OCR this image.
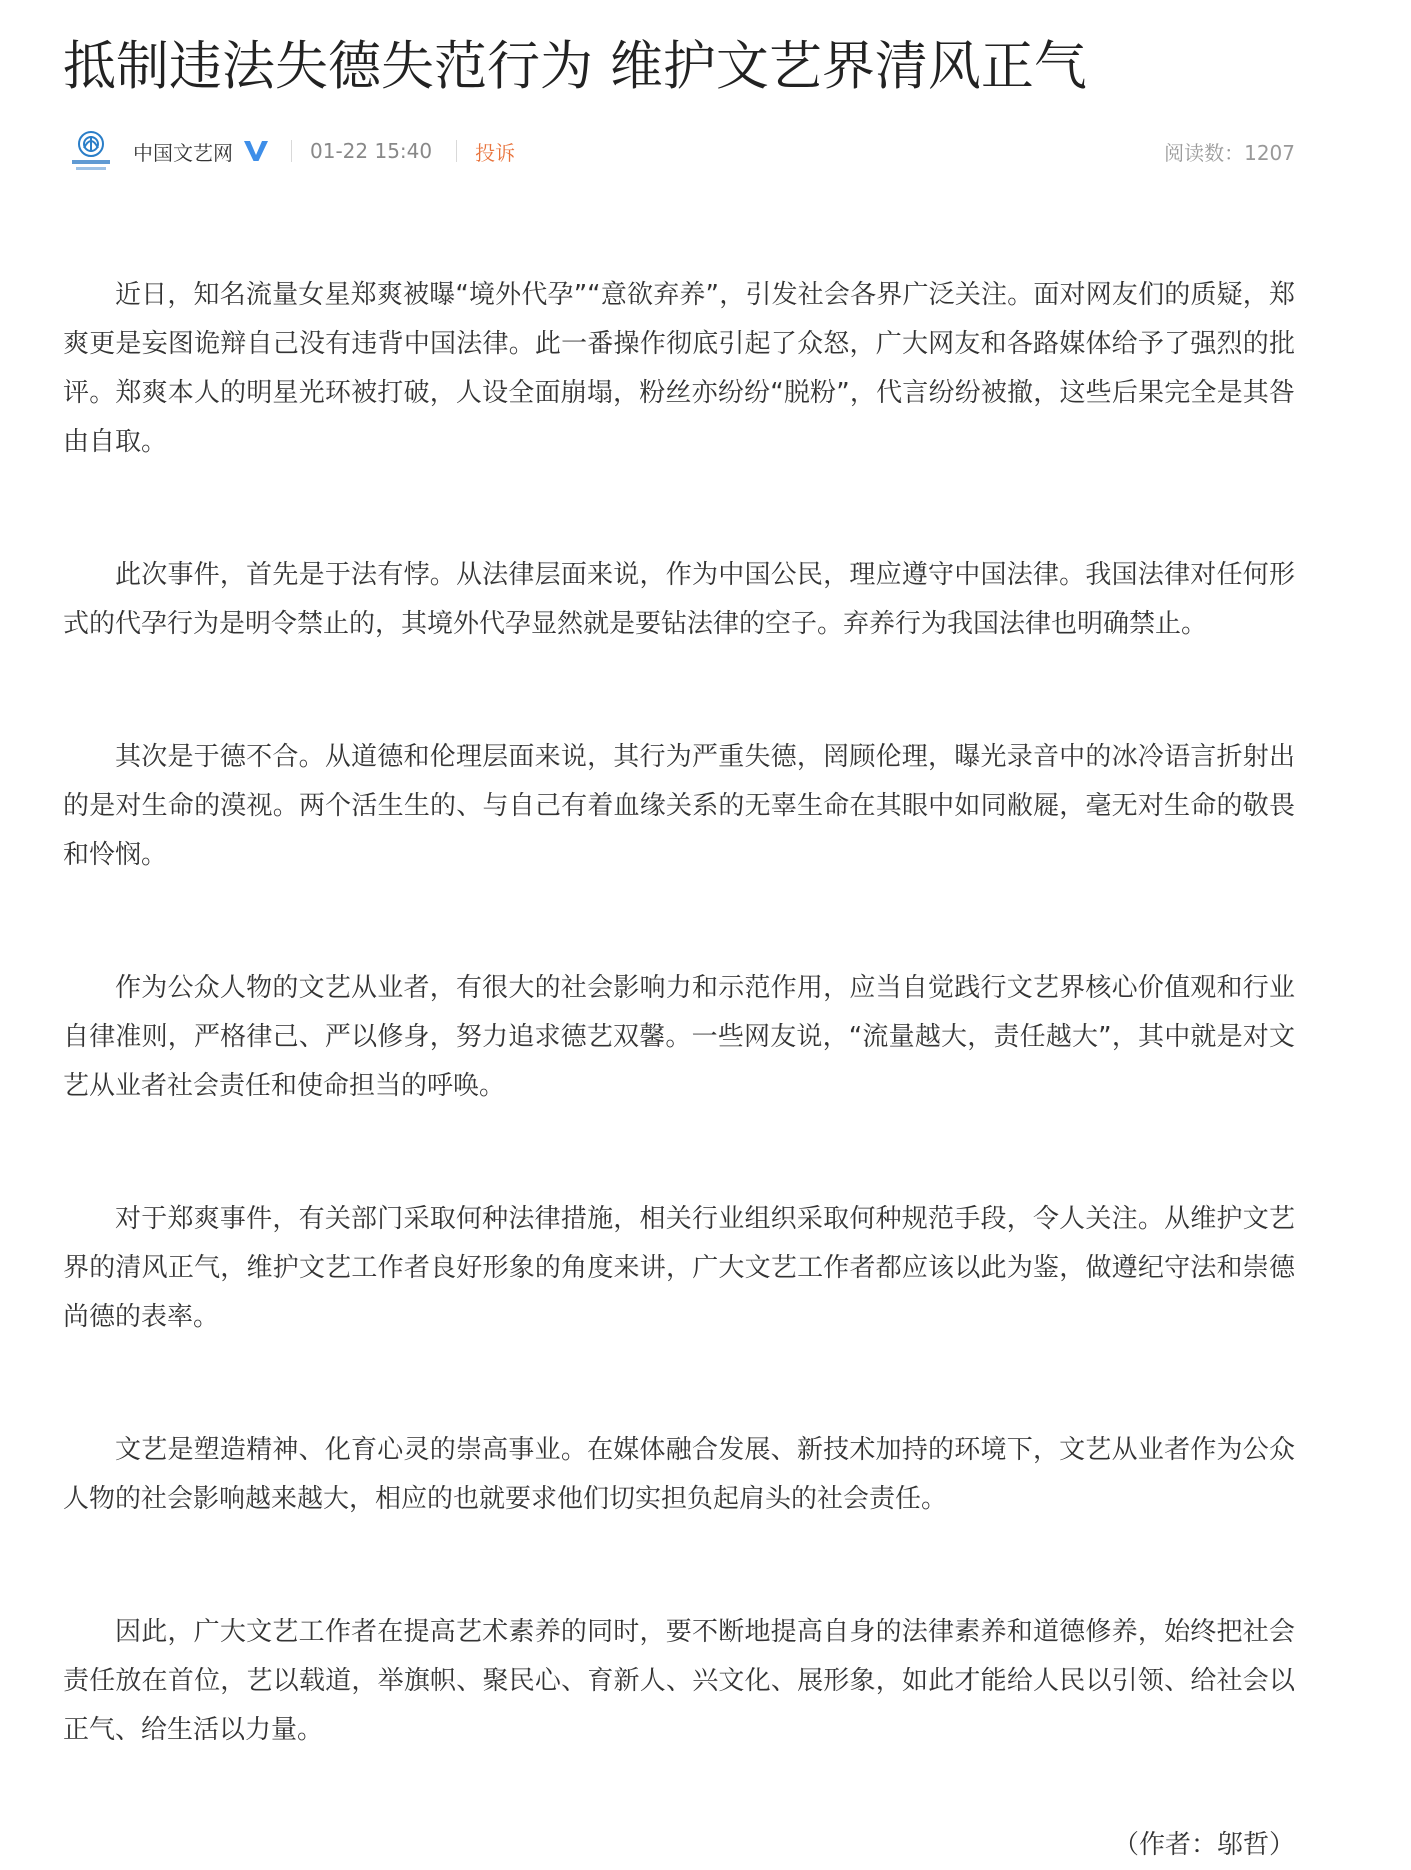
抵制违法失德失范行为 维护文艺界清风正气
中国文艺网	01-22 15:40 投诉	阅读数：1207

近日，知名流量女星郑爽被曝“境外代孕”“意欲弃养”，引发社会各界广泛关注。面对网友们的质疑，郑爽更是妄图诡辩自己没有违背中国法律。此一番操作彻底引起了众怒，广大网友和各路媒体给予了强烈的批评。郑爽本人的明星光环被打破，人设全面崩塌，粉丝亦纷纷“脱粉”，代言纷纷被撤，这些后果完全是其咎由自取。

此次事件，首先是于法有悖。从法律层面来说，作为中国公民，理应遵守中国法律。我国法律对任何形式的代孕行为是明令禁止的，其境外代孕显然就是要钻法律的空子。弃养行为我国法律也明确禁止。

其次是于德不合。从道德和伦理层面来说，其行为严重失德，罔顾伦理，曝光录音中的冰冷语言折射出的是对生命的漠视。两个活生生的、与自己有着血缘关系的无辜生命在其眼中如同敝屣，毫无对生命的敬畏和怜悯。

作为公众人物的文艺从业者，有很大的社会影响力和示范作用，应当自觉践行文艺界核心价值观和行业自律准则，严格律己、严以修身，努力追求德艺双馨。一些网友说，“流量越大，责任越大”，其中就是对文艺从业者社会责任和使命担当的呼唤。

对于郑爽事件，有关部门采取何种法律措施，相关行业组织采取何种规范手段，令人关注。从维护文艺界的清风正气，维护文艺工作者良好形象的角度来讲，广大文艺工作者都应该以此为鉴，做遵纪守法和崇德尚德的表率。

文艺是塑造精神、化育心灵的崇高事业。在媒体融合发展、新技术加持的环境下，文艺从业者作为公众人物的社会影响越来越大，相应的也就要求他们切实担负起肩头的社会责任。

因此，广大文艺工作者在提高艺术素养的同时，要不断地提高自身的法律素养和道德修养，始终把社会责任放在首位，艺以载道，举旗帜、聚民心、育新人、兴文化、展形象，如此才能给人民以引领、给社会以正气、给生活以力量。

（作者：邬哲）
